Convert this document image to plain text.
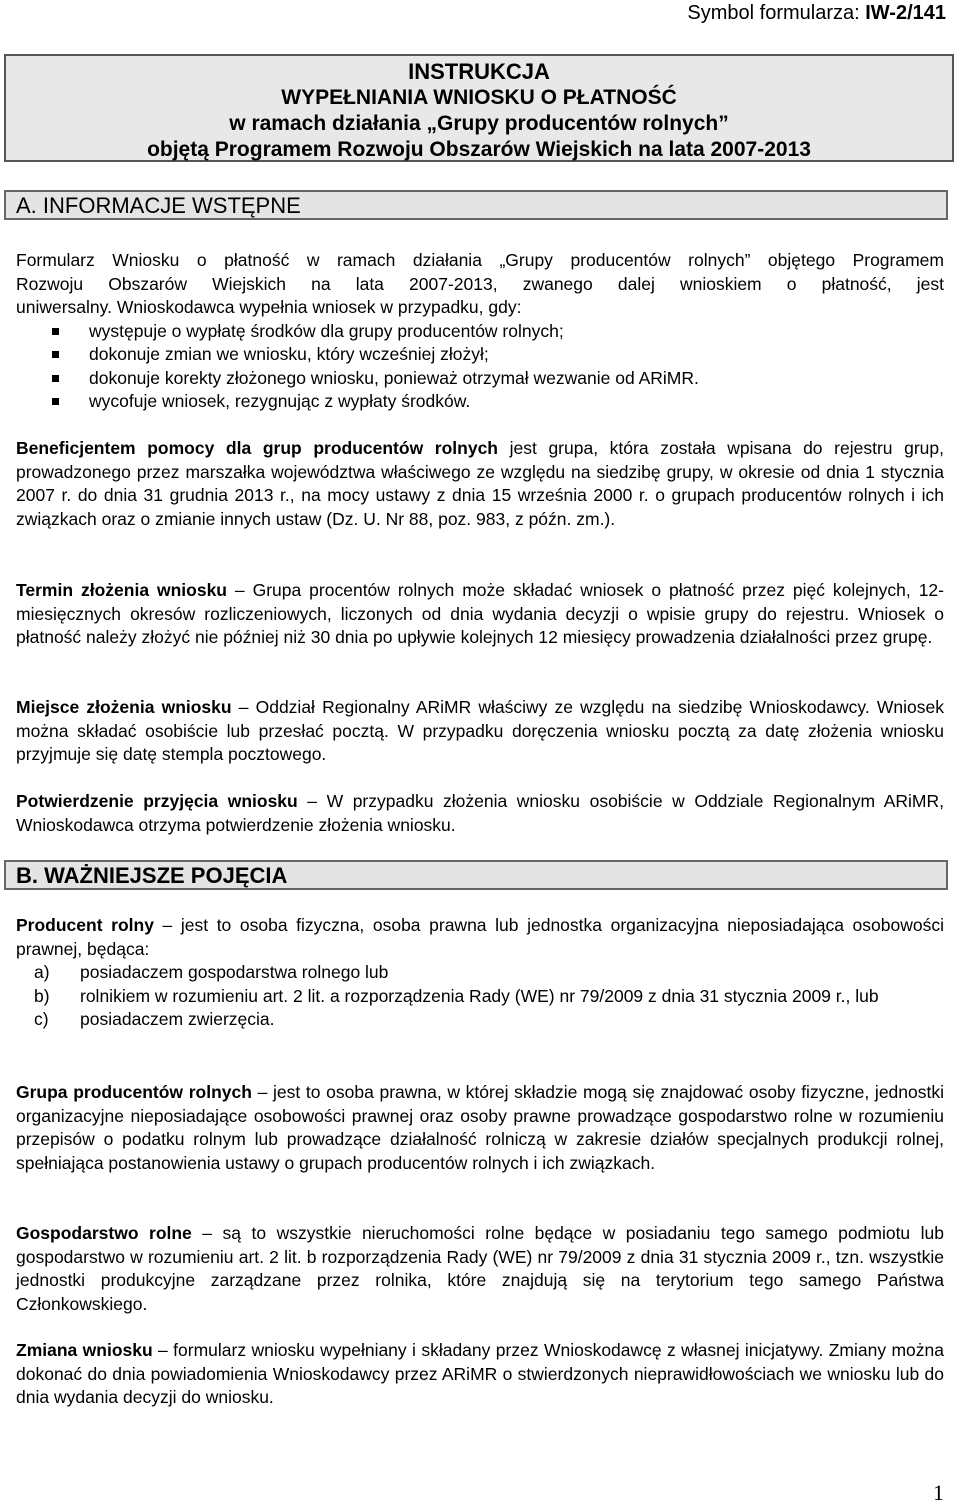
Symbol formularza: IW-2/141
INSTRUKCJA
WYPEŁNIANIA WNIOSKU O PŁATNOŚĆ
w ramach działania „Grupy producentów rolnych”
objętą Programem Rozwoju Obszarów Wiejskich na lata 2007-2013
A. INFORMACJE WSTĘPNE

Formularz Wniosku o płatność w ramach działania „Grupy producentów rolnych” objętego Programem

Rozwoju Obszarów Wiejskich na lata 2007-2013, zwanego dalej wnioskiem o płatność, jest

uniwersalny. Wnioskodawca wypełnia wniosek w przypadku, gdy:

występuje o wypłatę środków dla grupy producentów rolnych;
dokonuje zmian we wniosku, który wcześniej złożył;
dokonuje korekty złożonego wniosku, ponieważ otrzymał wezwanie od ARiMR.
wycofuje wniosek, rezygnując z wypłaty środków.

Beneficjentem pomocy dla grup producentów rolnych jest grupa, która została wpisana do rejestru grup, prowadzonego przez marszałka województwa właściwego ze względu na siedzibę grupy, w okresie od dnia 1 stycznia 2007 r. do dnia 31 grudnia 2013 r., na mocy ustawy z dnia 15 września 2000 r. o grupach producentów rolnych i ich związkach oraz o zmianie innych ustaw (Dz. U. Nr 88, poz. 983, z późn. zm.).

Termin złożenia wniosku – Grupa procentów rolnych może składać wniosek o płatność przez pięć kolejnych, 12-miesięcznych okresów rozliczeniowych, liczonych od dnia wydania decyzji o wpisie grupy do rejestru. Wniosek o płatność należy złożyć nie później niż 30 dnia po upływie kolejnych 12 miesięcy prowadzenia działalności przez grupę.

Miejsce złożenia wniosku – Oddział Regionalny ARiMR właściwy ze względu na siedzibę Wnioskodawcy. Wniosek można składać osobiście lub przesłać pocztą. W przypadku doręczenia wniosku pocztą za datę złożenia wniosku przyjmuje się datę stempla pocztowego.

Potwierdzenie przyjęcia wniosku – W przypadku złożenia wniosku osobiście w Oddziale Regionalnym ARiMR, Wnioskodawca otrzyma potwierdzenie złożenia wniosku.

B. WAŻNIEJSZE POJĘCIA

Producent rolny – jest to osoba fizyczna, osoba prawna lub jednostka organizacyjna nieposiadająca osobowości prawnej, będąca:

a)	posiadaczem gospodarstwa rolnego lub
b)	rolnikiem w rozumieniu art. 2 lit. a rozporządzenia Rady (WE) nr 79/2009 z dnia 31 stycznia 2009 r., lub
c)	posiadaczem zwierzęcia.

Grupa producentów rolnych – jest to osoba prawna, w której składzie mogą się znajdować osoby fizyczne, jednostki organizacyjne nieposiadające osobowości prawnej oraz osoby prawne prowadzące gospodarstwo rolne w rozumieniu przepisów o podatku rolnym lub prowadzące działalność rolniczą w zakresie działów specjalnych produkcji rolnej, spełniająca postanowienia ustawy o grupach producentów rolnych i ich związkach.

Gospodarstwo rolne – są to wszystkie nieruchomości rolne będące w posiadaniu tego samego podmiotu lub gospodarstwo w rozumieniu art. 2 lit. b rozporządzenia Rady (WE) nr 79/2009 z dnia 31 stycznia 2009 r., tzn. wszystkie jednostki produkcyjne zarządzane przez rolnika, które znajdują się na terytorium tego samego Państwa Członkowskiego.

Zmiana wniosku – formularz wniosku wypełniany i składany przez Wnioskodawcę z własnej inicjatywy. Zmiany można dokonać do dnia powiadomienia Wnioskodawcy przez ARiMR o stwierdzonych nieprawidłowościach we wniosku lub do dnia wydania decyzji do wniosku.

1
